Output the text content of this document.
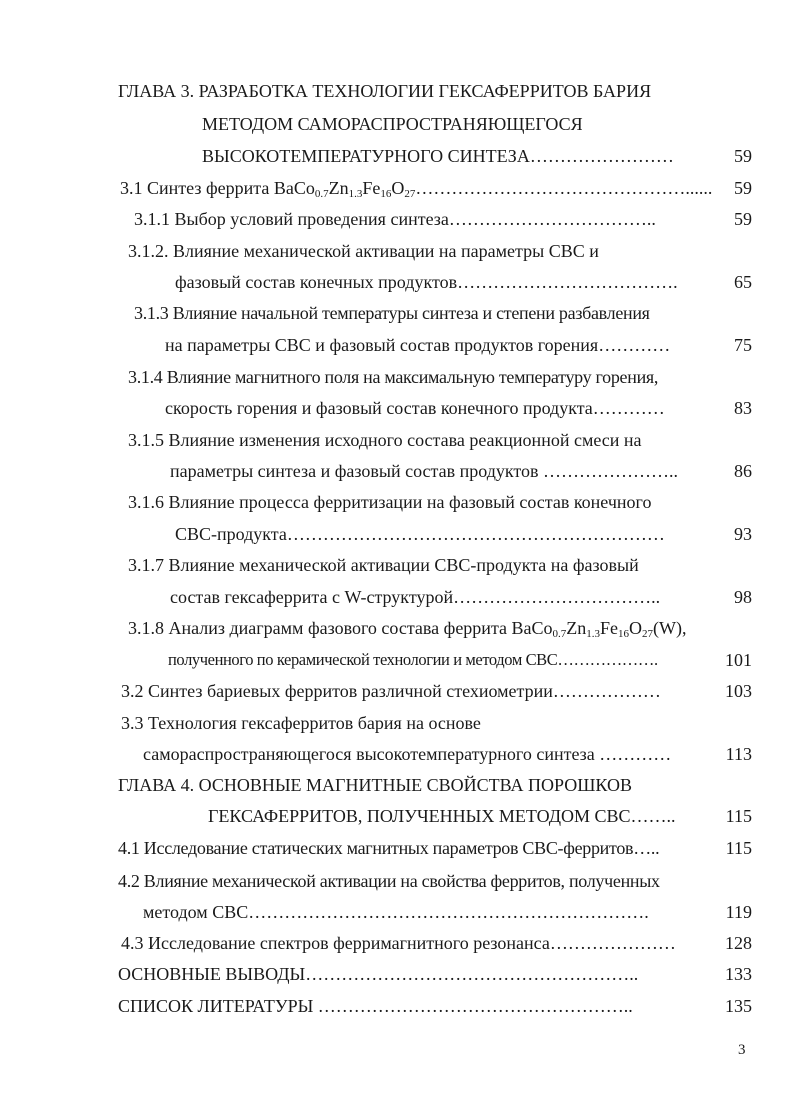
ГЛАВА 3. РАЗРАБОТКА ТЕХНОЛОГИИ ГЕКСАФЕРРИТОВ БАРИЯ
МЕТОДОМ САМОРАСПРОСТРАНЯЮЩЕГОСЯ
ВЫСОКОТЕМПЕРАТУРНОГО СИНТЕЗА……………………	59
3.1 Синтез феррита $BaCo_{0.7}Zn_{1.3}Fe_{16}O_{27}\dots\dots\dots\dots\dots\dots\dots\dots\dots\dots\dots\dots\dots\dots\dots$......	59
3.1.1 Выбор условий проведения синтеза……………………………..	59
3.1.2. Влияние механической активации на параметры СВС и
фазовый состав конечных продуктов……………………………….	65
3.1.3 Влияние начальной температуры синтеза и степени разбавления
на параметры СВС и фазовый состав продуктов горения…………	75
3.1.4 Влияние магнитного поля на максимальную температуру горения,
скорость горения и фазовый состав конечного продукта…………	83
3.1.5 Влияние изменения исходного состава реакционной смеси на
параметры синтеза и фазовый состав продуктов …………………..	86
3.1.6 Влияние процесса ферритизации на фазовый состав конечного
СВС-продукта………………………………………………………	93
3.1.7 Влияние механической активации СВС-продукта на фазовый
состав гексаферрита с W-структурой……………………………..	98
3.1.8 Анализ диаграмм фазового состава феррита $BaCo_{0.7}Zn_{1.3}Fe_{16}O_{27}(W)$,
полученного по керамической технологии и методом СВС……………….	101
3.2 Синтез бариевых ферритов различной стехиометрии………………	103
3.3 Технология гексаферритов бария на основе
самораспространяющегося высокотемпературного синтеза …………	113
ГЛАВА 4. ОСНОВНЫЕ МАГНИТНЫЕ СВОЙСТВА ПОРОШКОВ
ГЕКСАФЕРРИТОВ, ПОЛУЧЕННЫХ МЕТОДОМ СВС……..	115
4.1 Исследование статических магнитных параметров СВС-ферритов…..	115
4.2 Влияние механической активации на свойства ферритов, полученных
методом СВС………………………………………………………….	119
4.3 Исследование спектров ферримагнитного резонанса…………………	128
ОСНОВНЫЕ ВЫВОДЫ………………………………………………..	133
СПИСОК ЛИТЕРАТУРЫ ……………………………………………..	135
3
